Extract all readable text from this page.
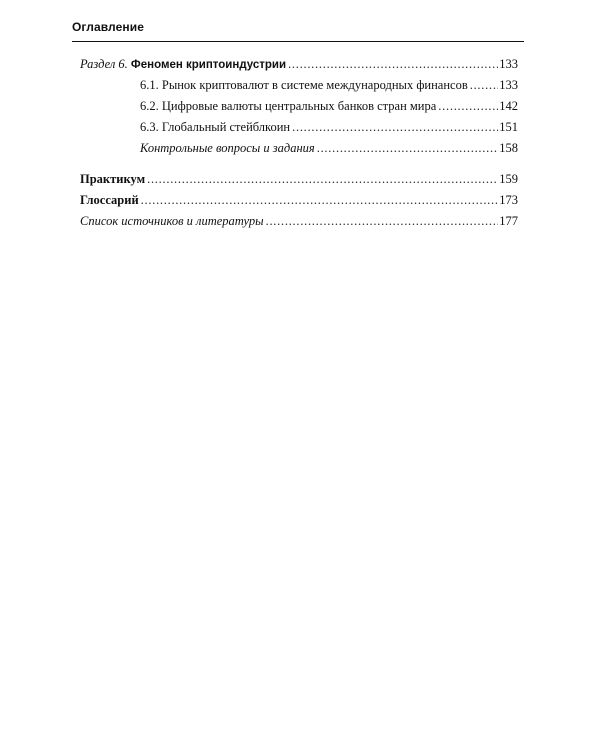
Оглавление
Раздел 6. Феномен криптоиндустрии . . .	133
6.1. Рынок криптовалют в системе международных финансов . . .	133
6.2. Цифровые валюты центральных банков стран мира . . .	142
6.3. Глобальный стейблкоин . . .	151
Контрольные вопросы и задания . . .	158
Практикум . . .	159
Глоссарий . . .	173
Список источников и литературы . . .	177
